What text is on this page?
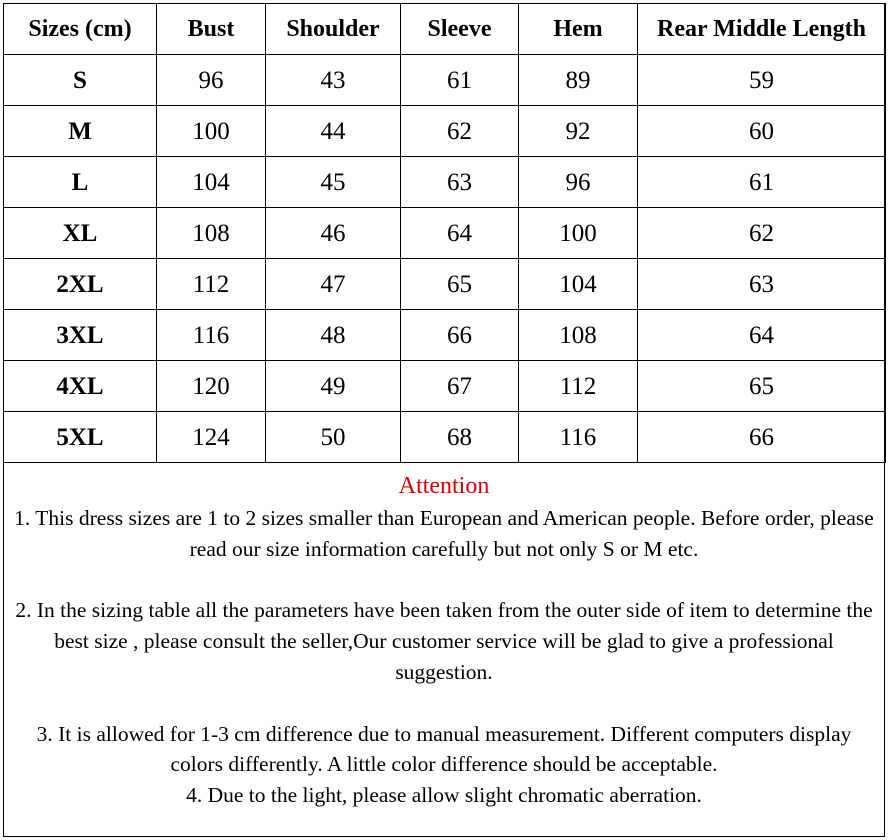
Sizes (cm)	Bust	Shoulder	Sleeve	Hem	Rear Middle Length
S	96	43	61	89	59
M	100	44	62	92	60
L	104	45	63	96	61
XL	108	46	64	100	62
2XL	112	47	65	104	63
3XL	116	48	66	108	64
4XL	120	49	67	112	65
5XL	124	50	68	116	66
Attention

1. This dress sizes are 1 to 2 sizes smaller than European and American people. Before order, please read our size information carefully but not only S or M etc.

2. In the sizing table all the parameters have been taken from the outer side of item to determine the best size , please consult the seller,Our customer service will be glad to give a professional suggestion.

3. It is allowed for 1-3 cm difference due to manual measurement. Different computers display colors differently. A little color difference should be acceptable.

4. Due to the light, please allow slight chromatic aberration.
